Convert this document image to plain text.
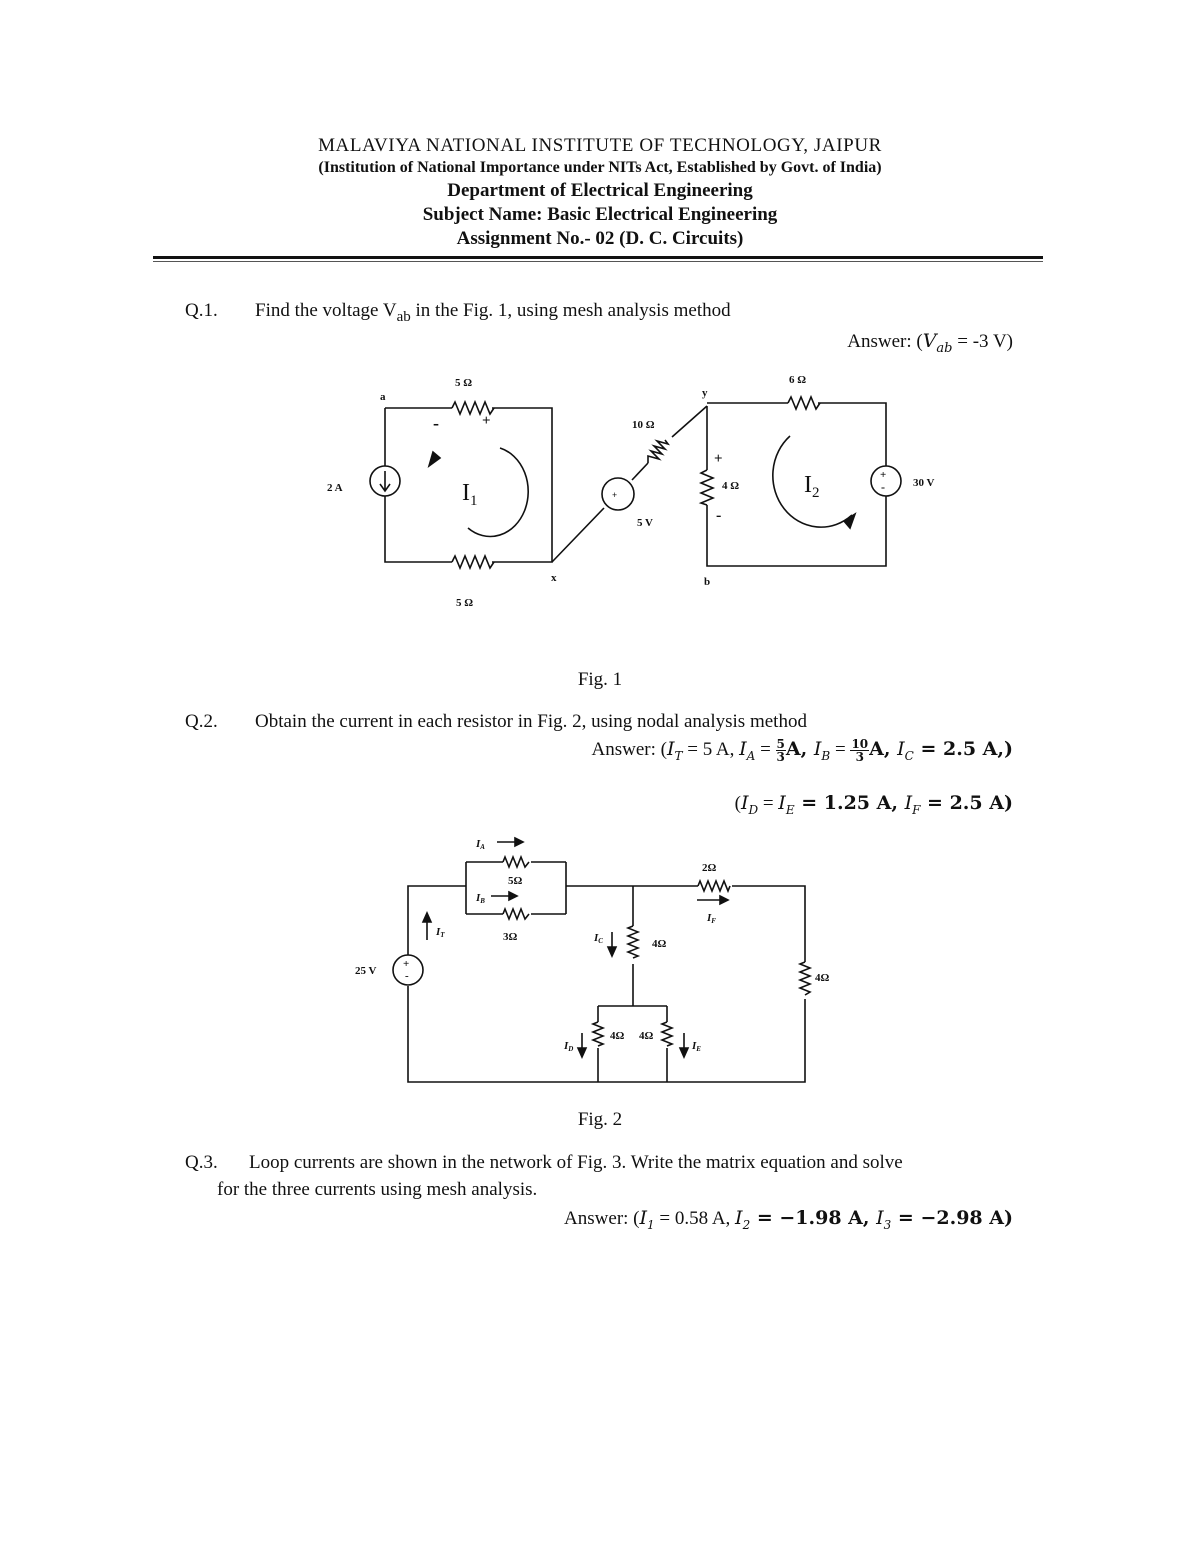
MALAVIYA NATIONAL INSTITUTE OF TECHNOLOGY, JAIPUR
(Institution of National Importance under NITs Act, Established by Govt. of India)
Department of Electrical Engineering
Subject Name: Basic Electrical Engineering
Assignment No.- 02 (D. C. Circuits)
Q.1. Find the voltage $V_{ab}$ in the Fig. 1, using mesh analysis method
Answer: ($V_{ab} = -3$ V)
a
x
y
b
5 Ω
5 Ω
10 Ω
4 Ω
6 Ω
2 A
5 V
30 V
+
-
-	+
+
-
+
$I_1$
$I_2$
Fig. 1
Q.2. Obtain the current in each resistor in Fig. 2, using nodal analysis method
Answer: ($I_T = 5$ A, $I_A = \frac{5}{3} A$, $I_B = \frac{10}{3} A$, $I_C = 2.5$ A,)
($I_D = I_E = 1.25$ A, $I_F = 2.5$ A)
IA
IB
5Ω
3Ω
2Ω
IF
4Ω
4Ω
4Ω 4Ω
IT	IC
ID	IE
25 V
+
-
Fig. 2
Q.3. Loop currents are shown in the network of Fig. 3. Write the matrix equation and solve
for the three currents using mesh analysis.
Answer: ($I_1 = 0.58$ A, $I_2 = -1.98$ A, $I_3 = -2.98$ A)
